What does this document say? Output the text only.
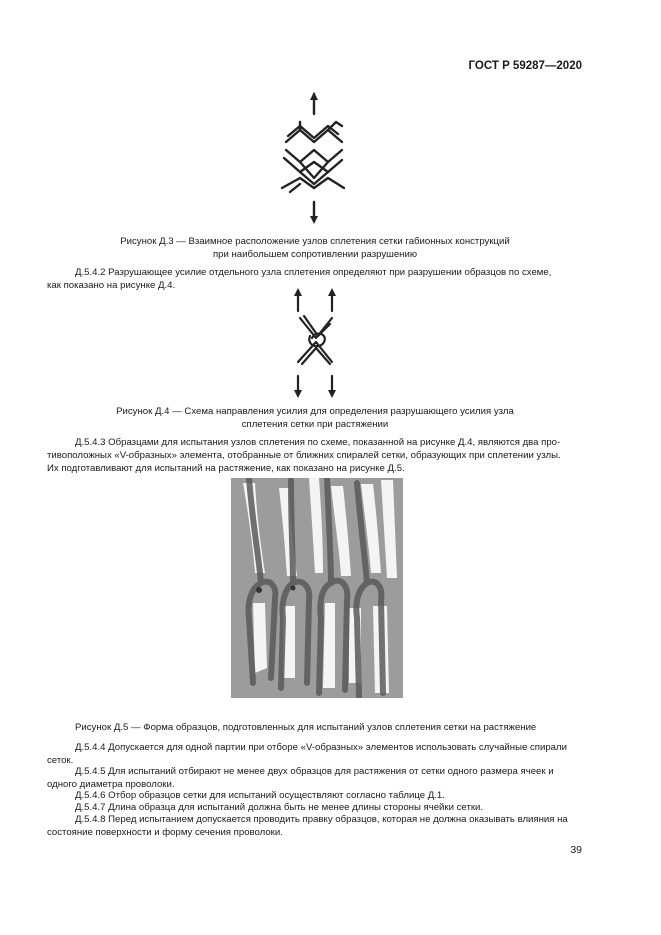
ГОСТ Р 59287—2020
Рисунок Д.3 — Взаимное расположение узлов сплетения сетки габионных конструкций
при наибольшем сопротивлении разрушению
Д.5.4.2 Разрушающее усилие отдельного узла сплетения определяют при разрушении образцов по схеме,
как показано на рисунке Д.4.
Рисунок Д.4 — Схема направления усилия для определения разрушающего усилия узла
сплетения сетки при растяжении
Д.5.4.3 Образцами для испытания узлов сплетения по схеме, показанной на рисунке Д.4, являются два про-
тивоположных «V-образных» элемента, отобранные от ближних спиралей сетки, образующих при сплетении узлы.
Их подготавливают для испытаний на растяжение, как показано на рисунке Д.5.
Рисунок Д.5 — Форма образцов, подготовленных для испытаний узлов сплетения сетки на растяжение
Д.5.4.4 Допускается для одной партии при отборе «V-образных» элементов использовать случайные спирали
сеток.
Д.5.4.5 Для испытаний отбирают не менее двух образцов для растяжения от сетки одного размера ячеек и
одного диаметра проволоки.
Д.5.4.6 Отбор образцов сетки для испытаний осуществляют согласно таблице Д.1.
Д.5.4.7 Длина образца для испытаний должна быть не менее длины стороны ячейки сетки.
Д.5.4.8 Перед испытанием допускается проводить правку образцов, которая не должна оказывать влияния на
состояние поверхности и форму сечения проволоки.
39
